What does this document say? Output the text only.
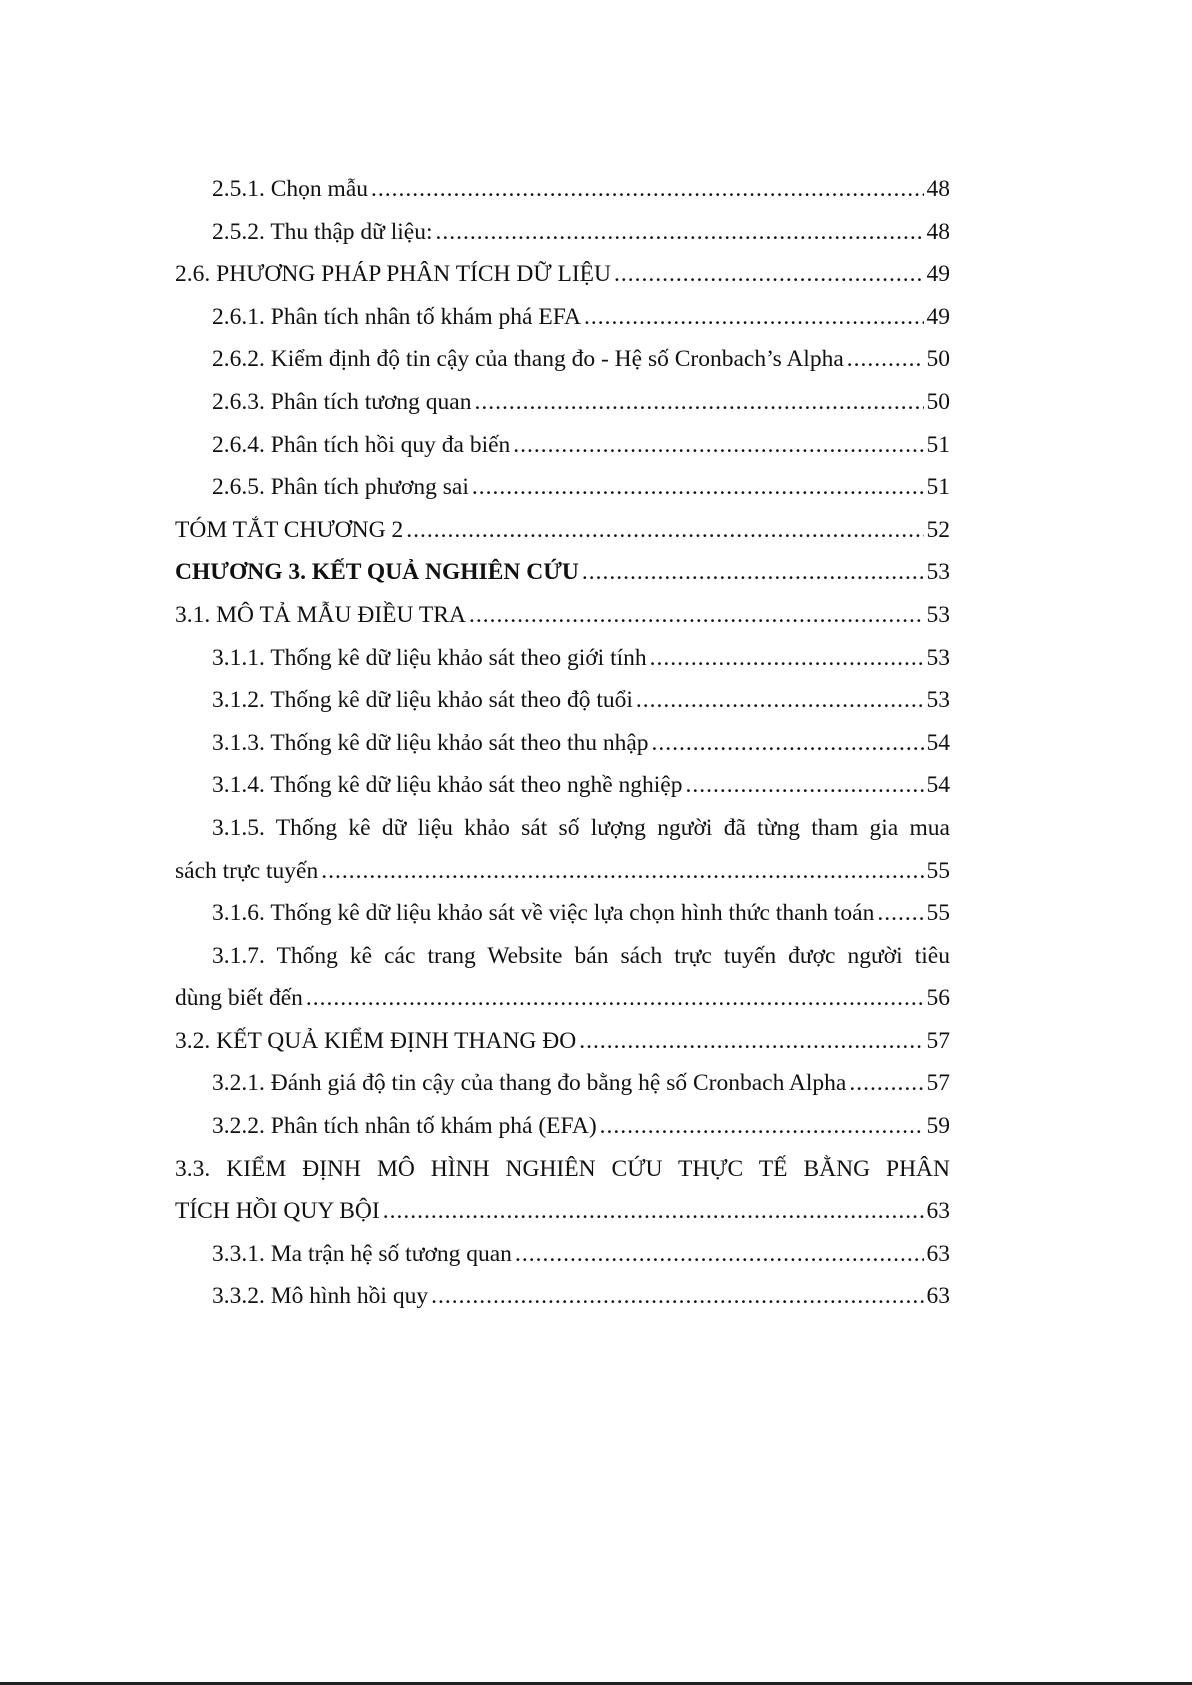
2.5.1. Chọn mẫu .....	48
2.5.2. Thu thập dữ liệu: .....	48
2.6. PHƯƠNG PHÁP PHÂN TÍCH DỮ LIỆU .....	49
2.6.1. Phân tích nhân tố khám phá EFA .....	49
2.6.2. Kiểm định độ tin cậy của thang đo - Hệ số Cronbach’s Alpha .....	50
2.6.3. Phân tích tương quan .....	50
2.6.4. Phân tích hồi quy đa biến .....	51
2.6.5. Phân tích phương sai .....	51
TÓM TẮT CHƯƠNG 2 .....	52
CHƯƠNG 3. KẾT QUẢ NGHIÊN CỨU .....	53
3.1. MÔ TẢ MẪU ĐIỀU TRA .....	53
3.1.1. Thống kê dữ liệu khảo sát theo giới tính .....	53
3.1.2. Thống kê dữ liệu khảo sát theo độ tuổi .....	53
3.1.3. Thống kê dữ liệu khảo sát theo thu nhập .....	54
3.1.4. Thống kê dữ liệu khảo sát theo nghề nghiệp .....	54
3.1.5. Thống kê dữ liệu khảo sát số lượng người đã từng tham gia mua
sách trực tuyến .....	55
3.1.6. Thống kê dữ liệu khảo sát về việc lựa chọn hình thức thanh toán ..... 55
3.1.7. Thống kê các trang Website bán sách trực tuyến được người tiêu
dùng biết đến .....	56
3.2. KẾT QUẢ KIỂM ĐỊNH THANG ĐO .....	57
3.2.1. Đánh giá độ tin cậy của thang đo bằng hệ số Cronbach Alpha .....	57
3.2.2. Phân tích nhân tố khám phá (EFA) .....	59
3.3. KIỂM ĐỊNH MÔ HÌNH NGHIÊN CỨU THỰC TẾ BẰNG PHÂN
TÍCH HỒI QUY BỘI .....	63
3.3.1. Ma trận hệ số tương quan .....	63
3.3.2. Mô hình hồi quy .....	63
